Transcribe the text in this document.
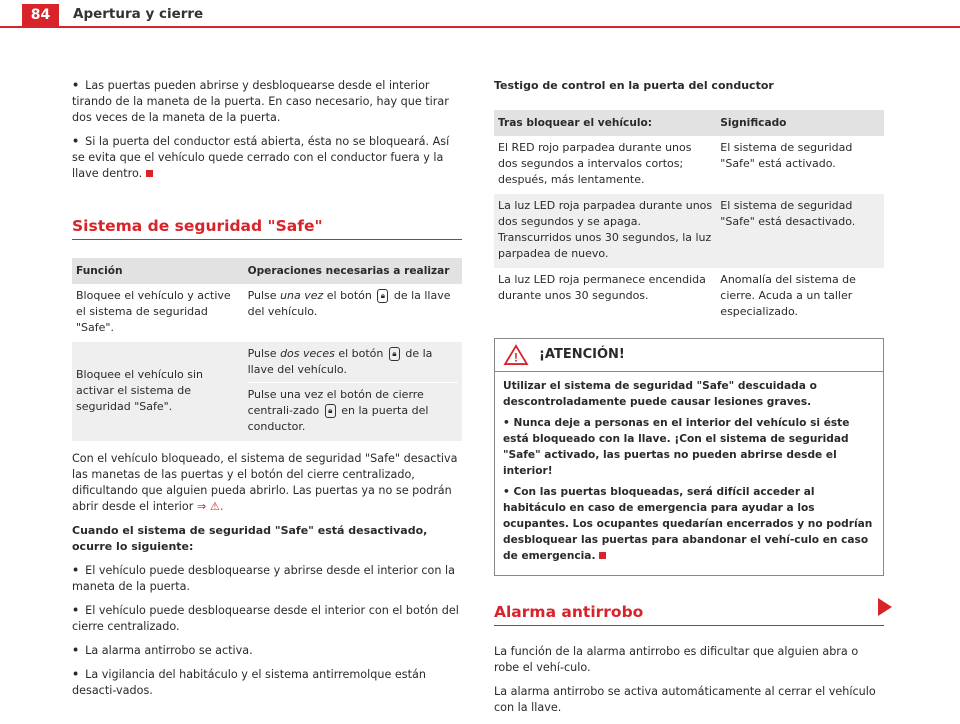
84	Apertura y cierre

• Las puertas pueden abrirse y desbloquearse desde el interior tirando de la maneta de la puerta. En caso necesario, hay que tirar dos veces de la maneta de la puerta.

• Si la puerta del conductor está abierta, ésta no se bloqueará. Así se evita que el vehículo quede cerrado con el conductor fuera y la llave dentro.

Sistema de seguridad "Safe"
Función	Operaciones necesarias a realizar
Bloquee el vehículo y active el sistema de seguridad "Safe".	Pulse una vez el botón 🔒︎ de la llave del vehículo.
Bloquee el vehículo sin activar el sistema de seguridad "Safe".	Pulse dos veces el botón 🔒︎ de la llave del vehículo.
Pulse una vez el botón de cierre centrali-zado 🔒︎ en la puerta del conductor.

Con el vehículo bloqueado, el sistema de seguridad "Safe" desactiva las manetas de las puertas y el botón del cierre centralizado, dificultando que alguien pueda abrirlo. Las puertas ya no se podrán abrir desde el interior ⇒ ⚠.

Cuando el sistema de seguridad "Safe" está desactivado, ocurre lo siguiente:

• El vehículo puede desbloquearse y abrirse desde el interior con la maneta de la puerta.

• El vehículo puede desbloquearse desde el interior con el botón del cierre centralizado.

• La alarma antirrobo se activa.

• La vigilancia del habitáculo y el sistema antirremolque están desacti-vados.

Testigo de control en la puerta del conductor

Tras bloquear el vehículo:	Significado
El RED rojo parpadea durante unos dos segundos a intervalos cortos; después, más lentamente.	El sistema de seguridad "Safe" está activado.
La luz LED roja parpadea durante unos dos segundos y se apaga. Transcurridos unos 30 segundos, la luz parpadea de nuevo.	El sistema de seguridad "Safe" está desactivado.
La luz LED roja permanece encendida durante unos 30 segundos.	Anomalía del sistema de cierre. Acuda a un taller especializado.
! ¡ATENCIÓN!

Utilizar el sistema de seguridad "Safe" descuidada o descontroladamente puede causar lesiones graves.

• Nunca deje a personas en el interior del vehículo si éste está bloqueado con la llave. ¡Con el sistema de seguridad "Safe" activado, las puertas no pueden abrirse desde el interior!

• Con las puertas bloqueadas, será difícil acceder al habitáculo en caso de emergencia para ayudar a los ocupantes. Los ocupantes quedarían encerrados y no podrían desbloquear las puertas para abandonar el vehí-culo en caso de emergencia.

Alarma antirrobo

La función de la alarma antirrobo es dificultar que alguien abra o robe el vehí-culo.

La alarma antirrobo se activa automáticamente al cerrar el vehículo con la llave.
